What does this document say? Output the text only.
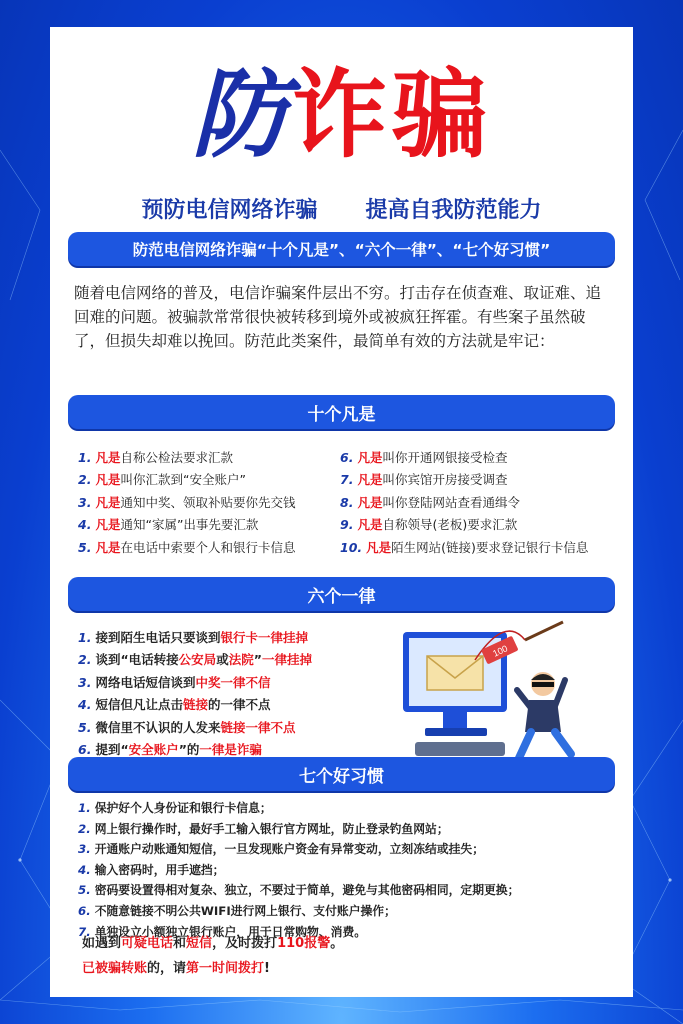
防诈骗
预防电信网络诈骗 提高自我防范能力
防范电信网络诈骗“十个凡是”、“六个一律”、“七个好习惯”
随着电信网络的普及，电信诈骗案件层出不穷。打击存在侦查难、取证难、追回难的问题。被骗款常常很快被转移到境外或被疯狂挥霍。有些案子虽然破了，但损失却难以挽回。防范此类案件，最简单有效的方法就是牢记：
十个凡是
1. 凡是自称公检法要求汇款
2. 凡是叫你汇款到“安全账户”
3. 凡是通知中奖、领取补贴要你先交钱
4. 凡是通知“家属”出事先要汇款
5. 凡是在电话中索要个人和银行卡信息
6. 凡是叫你开通网银接受检查
7. 凡是叫你宾馆开房接受调查
8. 凡是叫你登陆网站查看通缉令
9. 凡是自称领导(老板)要求汇款
10. 凡是陌生网站(链接)要求登记银行卡信息
六个一律
1. 接到陌生电话只要谈到银行卡一律挂掉
2. 谈到“电话转接公安局或法院”一律挂掉
3. 网络电话短信谈到中奖一律不信
4. 短信但凡让点击链接的一律不点
5. 微信里不认识的人发来链接一律不点
6. 提到“安全账户”的一律是诈骗
100
七个好习惯
1. 保护好个人身份证和银行卡信息；
2. 网上银行操作时，最好手工输入银行官方网址，防止登录钓鱼网站；
3. 开通账户动账通知短信，一旦发现账户资金有异常变动，立刻冻结或挂失；
4. 输入密码时，用手遮挡；
5. 密码要设置得相对复杂、独立，不要过于简单，避免与其他密码相同，定期更换；
6. 不随意链接不明公共WIFI进行网上银行、支付账户操作；
7. 单独设立小额独立银行账户，用于日常购物、消费。
如遇到可疑电话和短信，及时拨打110报警。
已被骗转账的，请第一时间拨打!
